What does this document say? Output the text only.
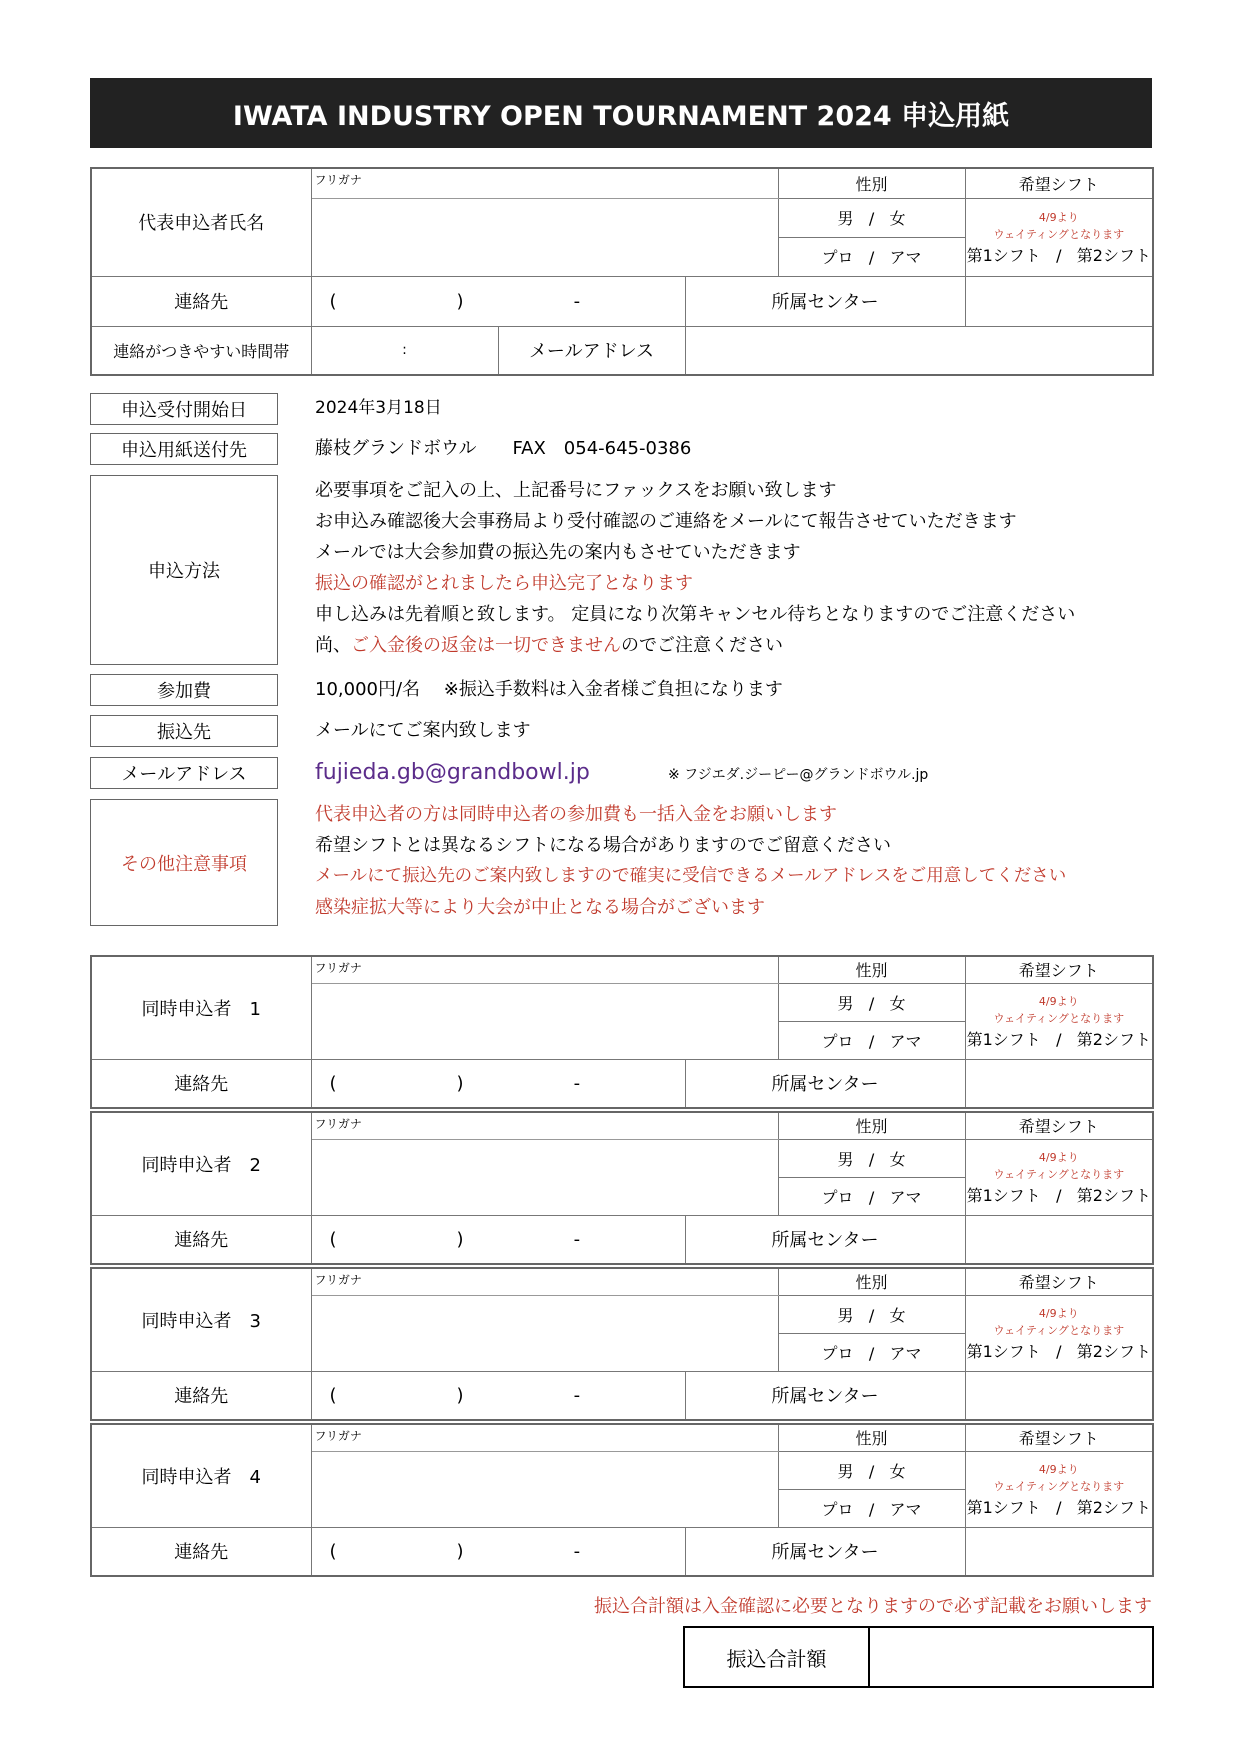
IWATA INDUSTRY OPEN TOURNAMENT 2024 申込用紙
代表申込者氏名	フリガナ			性別	希望シフト
				男 / 女	4/9より
ウェイティングとなります
第1シフト / 第2シフト

				プロ / アマ	
連絡先	( ) -		所属センター		
連絡がつきやすい時間帯	:	メールアドレス			
申込受付開始日	2024年3月18日
申込用紙送付先	藤枝グランドボウル　　FAX　054-645-0386
申込方法
必要事項をご記入の上、上記番号にファックスをお願い致します
お申込み確認後大会事務局より受付確認のご連絡をメールにて報告させていただきます
メールでは大会参加費の振込先の案内もさせていただきます
振込の確認がとれましたら申込完了となります
申し込みは先着順と致します。 定員になり次第キャンセル待ちとなりますのでご注意ください
尚、ご入金後の返金は一切できませんのでご注意ください
参加費	10,000円/名　 ※振込手数料は入金者様ご負担になります
振込先	メールにてご案内致します
メールアドレス	fujieda.gb@grandbowl.jp	※ フジエダ.ジーピー@グランドボウル.jp
その他注意事項
代表申込者の方は同時申込者の参加費も一括入金をお願いします
希望シフトとは異なるシフトになる場合がありますのでご留意ください
メールにて振込先のご案内致しますので確実に受信できるメールアドレスをご用意してください
感染症拡大等により大会が中止となる場合がございます
同時申込者　1	フリガナ		性別	希望シフト
			男 / 女	4/9より
ウェイティングとなります
第1シフト / 第2シフト

			プロ / アマ	
連絡先	( ) -	所属センター		
同時申込者　2	フリガナ		性別	希望シフト
			男 / 女	4/9より
ウェイティングとなります
第1シフト / 第2シフト

			プロ / アマ	
連絡先	( ) -	所属センター		
同時申込者　3	フリガナ		性別	希望シフト
			男 / 女	4/9より
ウェイティングとなります
第1シフト / 第2シフト

			プロ / アマ	
連絡先	( ) -	所属センター		
同時申込者　4	フリガナ		性別	希望シフト
			男 / 女	4/9より
ウェイティングとなります
第1シフト / 第2シフト

			プロ / アマ	
連絡先	( ) -	所属センター		
振込合計額は入金確認に必要となりますので必ず記載をお願いします
振込合計額	
